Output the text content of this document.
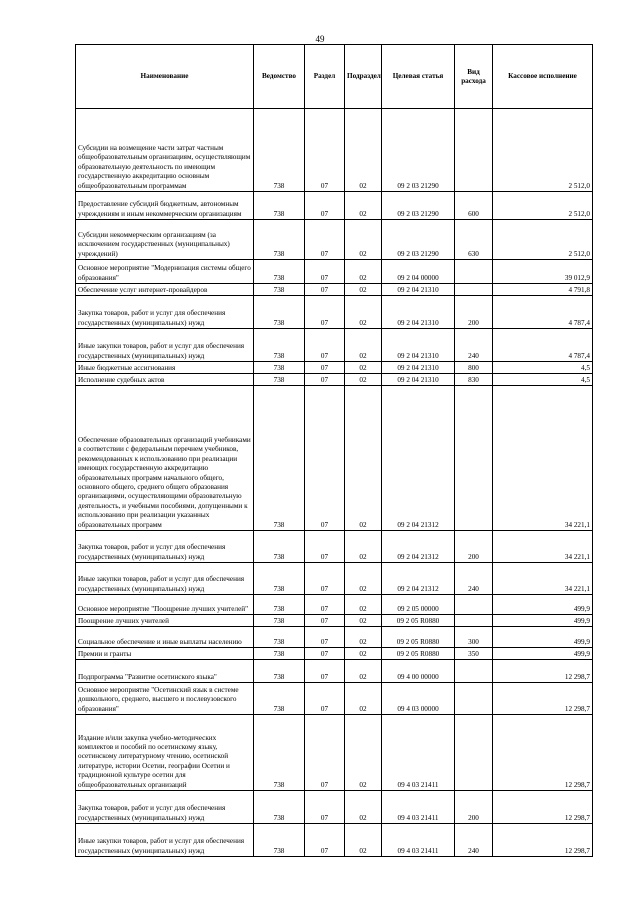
49
Наименование	Ведомство	Раздел	Подраздел	Целевая статья	Вид расхода	Кассовое исполнение

Субсидии на возмещение части затрат частным общеобразовательным организациям, осуществляющим образовательную деятельность по имеющим государственную аккредитацию основным общеобразовательным программам	738	07	02	09 2 03 21290		2 512,0

Предоставление субсидий бюджетным, автономным учреждениям и иным некоммерческим организациям	738	07	02	09 2 03 21290	600	2 512,0

Субсидии некоммерческим организациям (за исключением государственных (муниципальных) учреждений)	738	07	02	09 2 03 21290	630	2 512,0

Основное мероприятие "Модернизация системы общего образования"	738	07	02	09 2 04 00000		39 012,9

Обеспечение услуг интернет-провайдеров	738	07	02	09 2 04 21310		4 791,8

Закупка товаров, работ и услуг для обеспечения государственных (муниципальных) нужд	738	07	02	09 2 04 21310	200	4 787,4

Иные закупки товаров, работ и услуг для обеспечения государственных (муниципальных) нужд	738	07	02	09 2 04 21310	240	4 787,4

Иные бюджетные ассигнования	738	07	02	09 2 04 21310	800	4,5

Исполнение судебных актов	738	07	02	09 2 04 21310	830	4,5

Обеспечение образовательных организаций учебниками в соответствии с федеральным перечнем учебников, рекомендованных к использованию при реализации имеющих государственную аккредитацию образовательных программ начального общего, основного общего, среднего общего образования организациями, осуществляющими образовательную деятельность, и учебными пособиями, допущенными к использованию при реализации указанных образовательных программ	738	07	02	09 2 04 21312		34 221,1

Закупка товаров, работ и услуг для обеспечения государственных (муниципальных) нужд	738	07	02	09 2 04 21312	200	34 221,1

Иные закупки товаров, работ и услуг для обеспечения государственных (муниципальных) нужд	738	07	02	09 2 04 21312	240	34 221,1

Основное мероприятие "Поощрение лучших учителей"	738	07	02	09 2 05 00000		499,9

Поощрение лучших учителей	738	07	02	09 2 05 R0880		499,9

Социальное обеспечение и иные выплаты населению	738	07	02	09 2 05 R0880	300	499,9

Премии и гранты	738	07	02	09 2 05 R0880	350	499,9

Подпрограмма "Развитие осетинского языка"	738	07	02	09 4 00 00000		12 298,7

Основное мероприятие "Осетинский язык в системе дошкольного, среднего, высшего и послевузовского образования"	738	07	02	09 4 03 00000		12 298,7

Издание и/или закупка учебно-методических комплектов и пособий по осетинскому языку, осетинскому литературному чтению, осетинской литературе, истории Осетии, географии Осетии и традиционной культуре осетин для общеобразовательных организаций	738	07	02	09 4 03 21411		12 298,7

Закупка товаров, работ и услуг для обеспечения государственных (муниципальных) нужд	738	07	02	09 4 03 21411	200	12 298,7

Иные закупки товаров, работ и услуг для обеспечения государственных (муниципальных) нужд	738	07	02	09 4 03 21411	240	12 298,7
